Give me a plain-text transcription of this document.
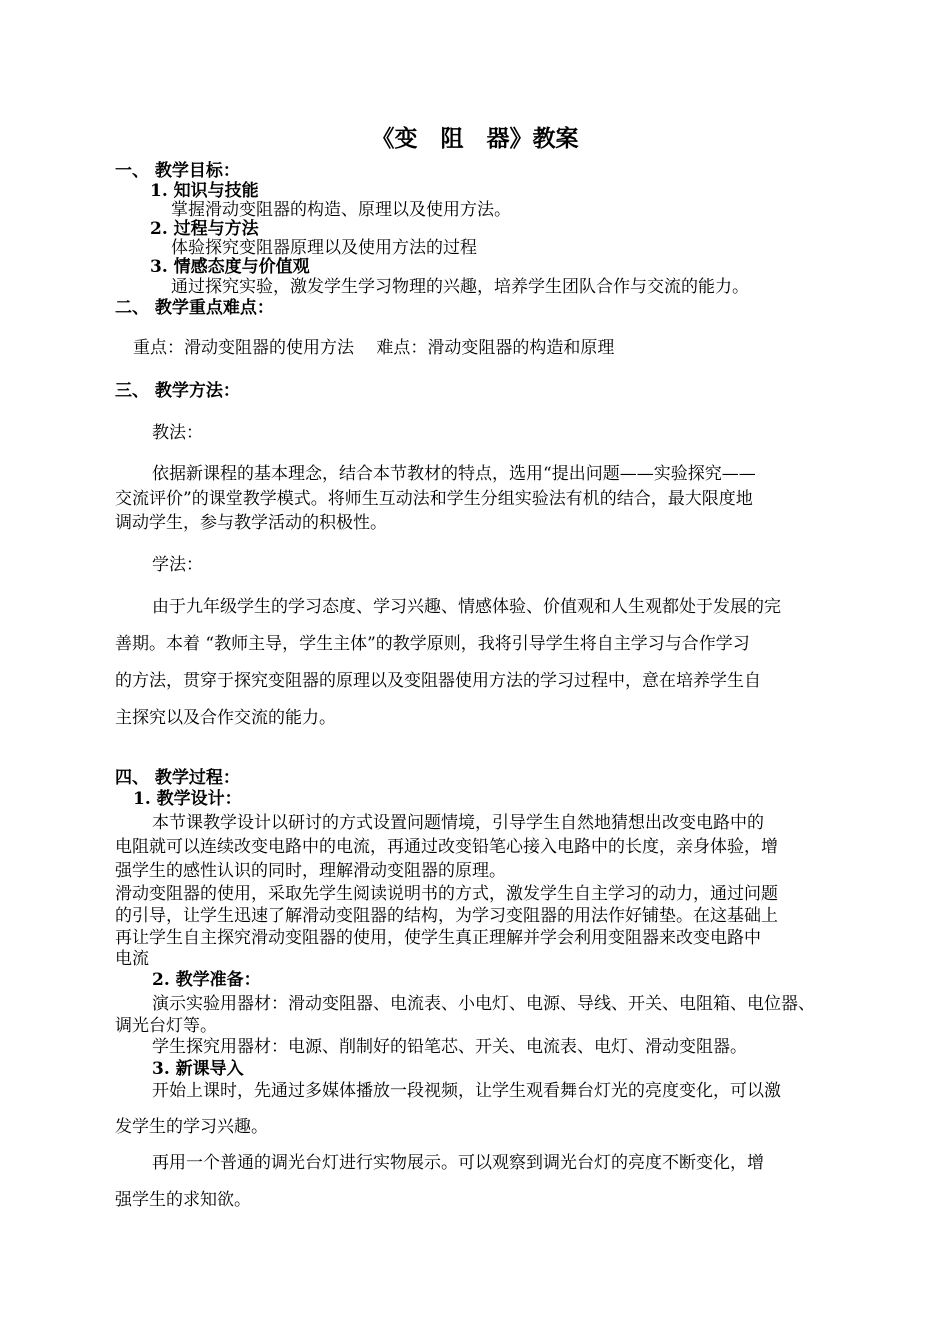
《变　阻　器》教案
一、 教学目标：
1. 知识与技能
掌握滑动变阻器的构造、原理以及使用方法。
2. 过程与方法
体验探究变阻器原理以及使用方法的过程
3. 情感态度与价值观
通过探究实验，激发学生学习物理的兴趣，培养学生团队合作与交流的能力。
二、 教学重点难点：
重点：滑动变阻器的使用方法　 难点：滑动变阻器的构造和原理
三、 教学方法：
教法：
依据新课程的基本理念，结合本节教材的特点，选用“提出问题——实验探究——
交流评价”的课堂教学模式。将师生互动法和学生分组实验法有机的结合，最大限度地
调动学生，参与教学活动的积极性。
学法：
由于九年级学生的学习态度、学习兴趣、情感体验、价值观和人生观都处于发展的完
善期。本着 “教师主导，学生主体”的教学原则，我将引导学生将自主学习与合作学习
的方法，贯穿于探究变阻器的原理以及变阻器使用方法的学习过程中，意在培养学生自
主探究以及合作交流的能力。
四、 教学过程：
1. 教学设计：
本节课教学设计以研讨的方式设置问题情境，引导学生自然地猜想出改变电路中的
电阻就可以连续改变电路中的电流，再通过改变铅笔心接入电路中的长度，亲身体验，增
强学生的感性认识的同时，理解滑动变阻器的原理。
滑动变阻器的使用，采取先学生阅读说明书的方式，激发学生自主学习的动力，通过问题
的引导，让学生迅速了解滑动变阻器的结构，为学习变阻器的用法作好铺垫。在这基础上
再让学生自主探究滑动变阻器的使用，使学生真正理解并学会利用变阻器来改变电路中
电流
2. 教学准备：
演示实验用器材：滑动变阻器、电流表、小电灯、电源、导线、开关、电阻箱、电位器、
调光台灯等。
学生探究用器材：电源、削制好的铅笔芯、开关、电流表、电灯、滑动变阻器。
3. 新课导入
开始上课时，先通过多媒体播放一段视频，让学生观看舞台灯光的亮度变化，可以激
发学生的学习兴趣。
再用一个普通的调光台灯进行实物展示。可以观察到调光台灯的亮度不断变化，增
强学生的求知欲。
